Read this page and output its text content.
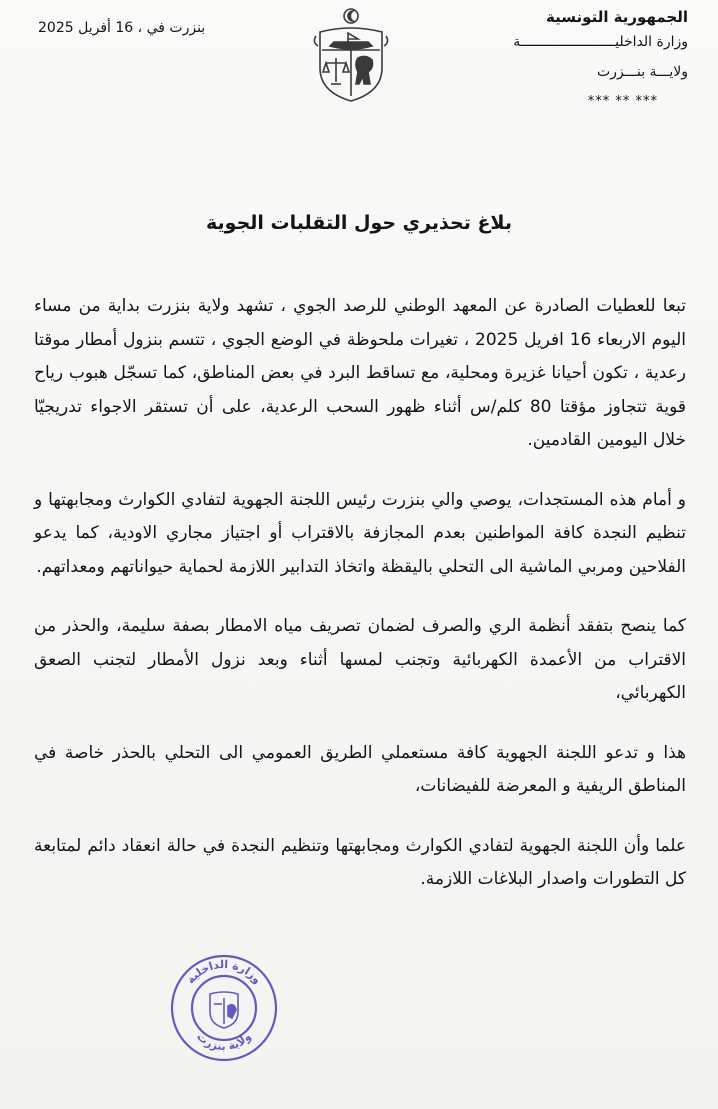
الجمهورية التونسية

وزارة الداخليـــــــــــــــــــــــة

ولايـــة بنـــزرت

*** ** ***

بنزرت في ، 16 أفريل 2025
بلاغ تحذيري حول التقلبات الجوية

تبعا للعطيات الصادرة عن المعهد الوطني للرصد الجوي ، تشهد ولاية بنزرت بداية من مساء اليوم الاربعاء 16 افريل 2025 ، تغيرات ملحوظة في الوضع الجوي ، تتسم بنزول أمطار موقتا رعدية ، تكون أحيانا غزيرة ومحلية، مع تساقط البرد في بعض المناطق، كما تسجّل هبوب رياح قوية تتجاوز مؤقتا 80 كلم/س أثناء ظهور السحب الرعدية، على أن تستقر الاجواء تدريجيّا خلال اليومين القادمين.

و أمام هذه المستجدات، يوصي والي بنزرت رئيس اللجنة الجهوية لتفادي الكوارث ومجابهتها و تنظيم النجدة كافة المواطنين بعدم المجازفة بالاقتراب أو اجتياز مجاري الاودية، كما يدعو الفلاحين ومربي الماشية الى التحلي باليقظة واتخاذ التدابير اللازمة لحماية حيواناتهم ومعداتهم.

كما ينصح بتفقد أنظمة الري والصرف لضمان تصريف مياه الامطار بصفة سليمة، والحذر من الاقتراب من الأعمدة الكهربائية وتجنب لمسها أثناء وبعد نزول الأمطار لتجنب الصعق الكهربائي،

هذا و تدعو اللجنة الجهوية كافة مستعملي الطريق العمومي الى التحلي بالحذر خاصة في المناطق الريفية و المعرضة للفيضانات،

علما وأن اللجنة الجهوية لتفادي الكوارث ومجابهتها وتنظيم النجدة في حالة انعقاد دائم لمتابعة كل التطورات واصدار البلاغات اللازمة.

وزارة الداخلية
ولاية بنزرت
